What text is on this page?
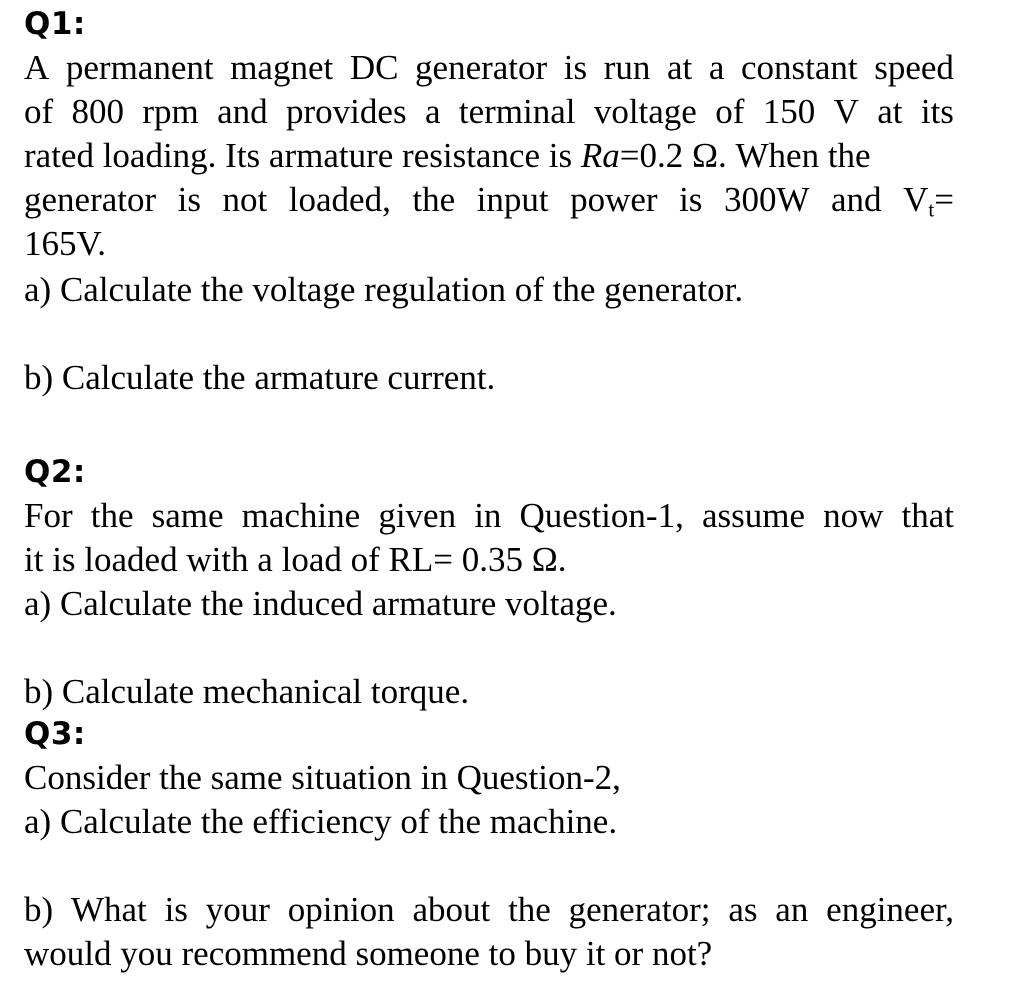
Q1:
A permanent magnet DC generator is run at a constant speed
of 800 rpm and provides a terminal voltage of 150 V at its
rated loading. Its armature resistance is Ra=0.2 Ω. When the
generator is not loaded, the input power is 300W and $V_t=$
165V.
a) Calculate the voltage regulation of the generator.
b) Calculate the armature current.
Q2:
For the same machine given in Question-1, assume now that
it is loaded with a load of RL= 0.35 Ω.
a) Calculate the induced armature voltage.
b) Calculate mechanical torque.
Q3:
Consider the same situation in Question-2,
a) Calculate the efficiency of the machine.
b) What is your opinion about the generator; as an engineer,
would you recommend someone to buy it or not?
